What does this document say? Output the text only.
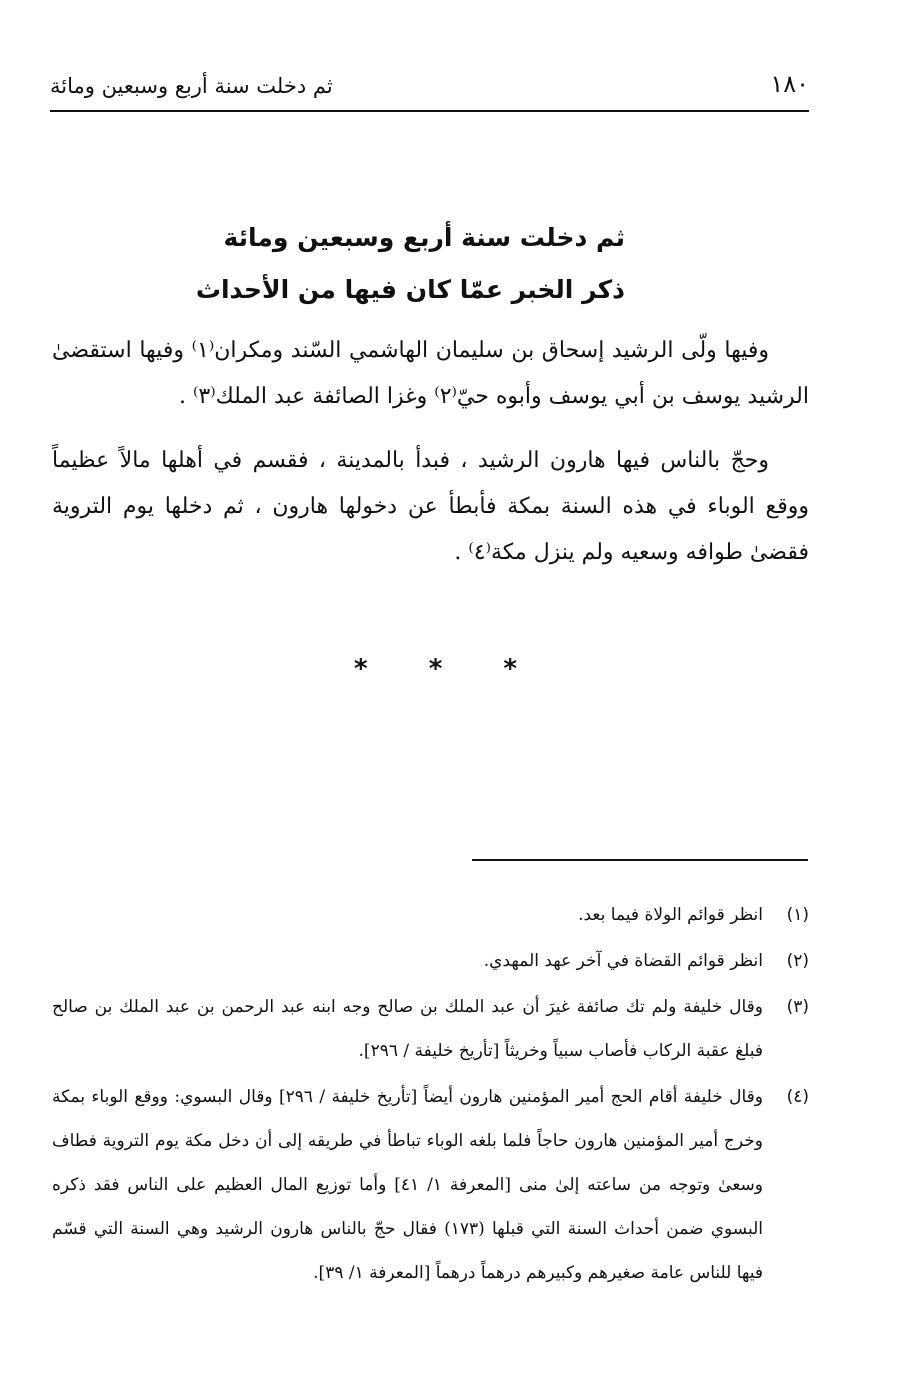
١٨٠
ثم دخلت سنة أربع وسبعين ومائة
ثم دخلت سنة أربع وسبعين ومائة
ذكر الخبر عمّا كان فيها من الأحداث

وفيها ولّى الرشيد إسحاق بن سليمان الهاشمي السّند ومكران⁽١⁾ وفيها استقضىٰ الرشيد يوسف بن أبي يوسف وأبوه حيّ⁽٢⁾ وغزا الصائفة عبد الملك⁽٣⁾ .

وحجّ بالناس فيها هارون الرشيد ، فبدأ بالمدينة ، فقسم في أهلها مالاً عظيماً ووقع الوباء في هذه السنة بمكة فأبطأ عن دخولها هارون ، ثم دخلها يوم التروية فقضىٰ طوافه وسعيه ولم ينزل مكة⁽٤⁾ .

* * *
(١)
انظر قوائم الولاة فيما بعد.
(٢)
انظر قوائم القضاة في آخر عهد المهدي.
(٣)
وقال خليفة ولم تك صائفة غيرَ أن عبد الملك بن صالح وجه ابنه عبد الرحمن بن عبد الملك بن صالح فبلغ عقبة الركاب فأصاب سبياً وخريثاً [تأريخ خليفة / ٢٩٦].
(٤)
وقال خليفة أقام الحج أمير المؤمنين هارون أيضاً [تأريخ خليفة / ٢٩٦] وقال البسوي: ووقع الوباء بمكة وخرج أمير المؤمنين هارون حاجاً فلما بلغه الوباء تباطأ في طريقه إلى أن دخل مكة يوم التروية فطاف وسعىٰ وتوجه من ساعته إلىٰ منى [المعرفة ١/ ٤١] وأما توزيع المال العظيم على الناس فقد ذكره البسوي ضمن أحداث السنة التي قبلها (١٧٣) فقال حجّ بالناس هارون الرشيد وهي السنة التي قسّم فيها للناس عامة صغيرهم وكبيرهم درهماً درهماً [المعرفة ١/ ٣٩].
